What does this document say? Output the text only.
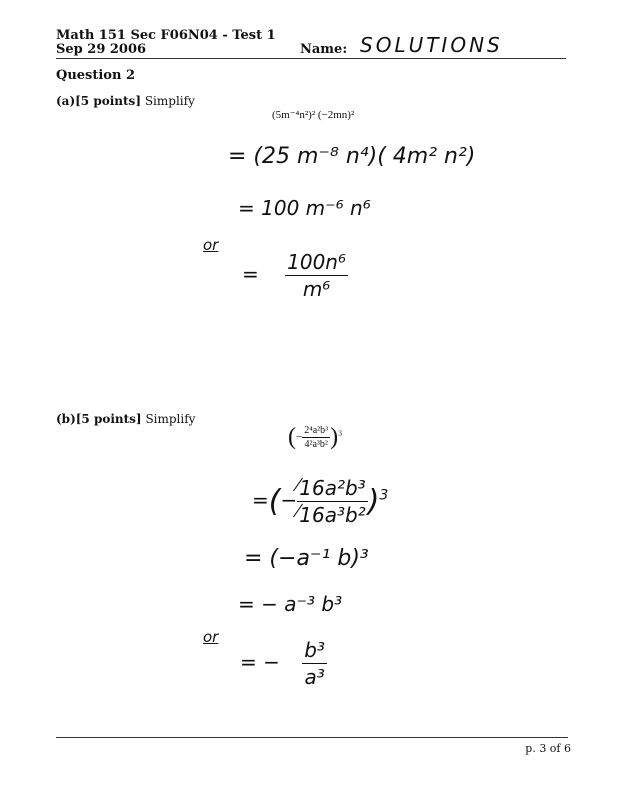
Math 151 Sec F06N04 - Test 1
Sep 29 2006	Name: SOLUTIONS
Question 2
(a)[5 points] Simplify
(5m⁻⁴n²)² (−2mn)²
= (25 m⁻⁸ n⁴)( 4m² n²)
= 100 m⁻⁶ n⁶
or
= $\frac{\text{100n⁶}}{\text{m⁶}}$
(b)[5 points] Simplify
(− $\frac{\text{2⁴a²b³}}{\text{4²a³b²}} )^3$
=(− $\frac{\text{16a²b³}}{\text{16a³b²}} )^3$
= (−a⁻¹ b)³
= − a⁻³ b³
or
= − $\frac{\text{b³}}{\text{a³}}$
p. 3 of 6
